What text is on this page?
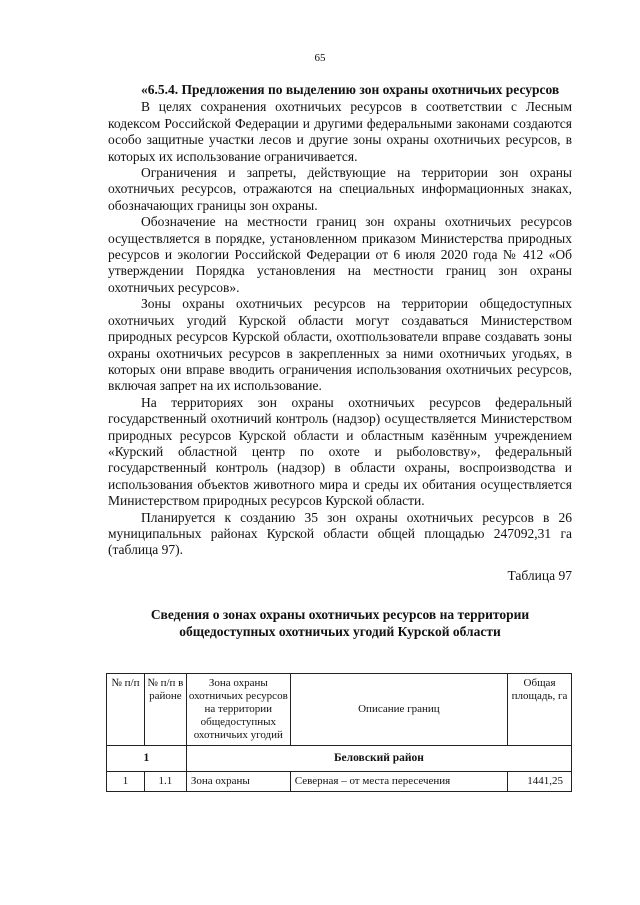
65

«6.5.4. Предложения по выделению зон охраны охотничьих ресурсов

В целях сохранения охотничьих ресурсов в соответствии с Лесным кодексом Российской Федерации и другими федеральными законами создаются особо защитные участки лесов и другие зоны охраны охотничьих ресурсов, в которых их использование ограничивается.

Ограничения и запреты, действующие на территории зон охраны охотничьих ресурсов, отражаются на специальных информационных знаках, обозначающих границы зон охраны.

Обозначение на местности границ зон охраны охотничьих ресурсов осуществляется в порядке, установленном приказом Министерства природных ресурсов и экологии Российской Федерации от 6 июля 2020 года № 412 «Об утверждении Порядка установления на местности границ зон охраны охотничьих ресурсов».

Зоны охраны охотничьих ресурсов на территории общедоступных охотничьих угодий Курской области могут создаваться Министерством природных ресурсов Курской области, охотпользователи вправе создавать зоны охраны охотничьих ресурсов в закрепленных за ними охотничьих угодьях, в которых они вправе вводить ограничения использования охотничьих ресурсов, включая запрет на их использование.

На территориях зон охраны охотничьих ресурсов федеральный государственный охотничий контроль (надзор) осуществляется Министерством природных ресурсов Курской области и областным казённым учреждением «Курский областной центр по охоте и рыболовству», федеральный государственный контроль (надзор) в области охраны, воспроизводства и использования объектов животного мира и среды их обитания осуществляется Министерством природных ресурсов Курской области.

Планируется к созданию 35 зон охраны охотничьих ресурсов в 26 муниципальных районах Курской области общей площадью 247092,31 га (таблица 97).

Таблица 97

Сведения о зонах охраны охотничьих ресурсов на территории общедоступных охотничьих угодий Курской области

№ п/п	№ п/п в районе	Зона охраны охотничьих ресурсов на территории общедоступных охотничьих угодий	Описание границ	Общая площадь, га
1		Беловский район		
1	1.1	Зона охраны	Северная – от места пересечения	1441,25
